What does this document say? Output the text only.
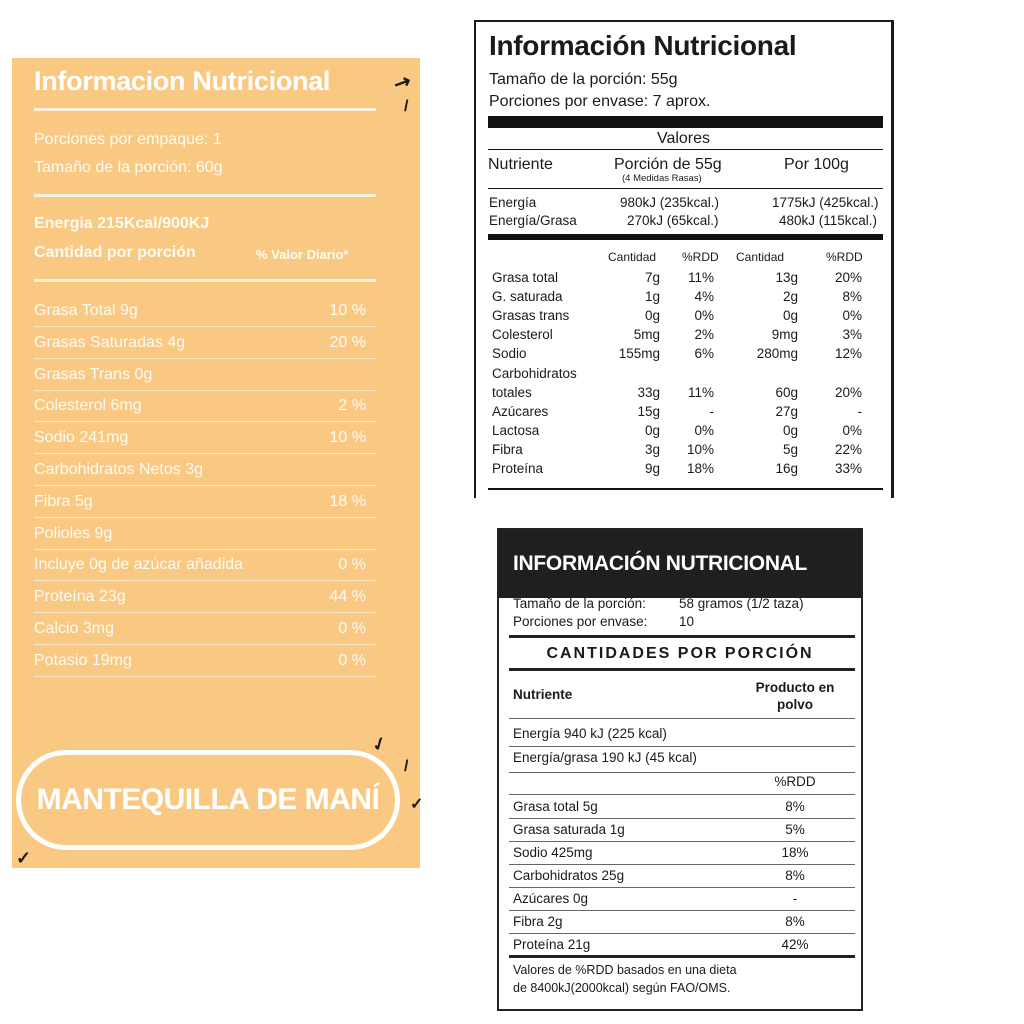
Informacion Nutricional
Porciones por empaque: 1
Tamaño de la porción: 60g
Energia 215Kcal/900KJ
Cantidad por porción	% Valor Diario*
Grasa Total 9g	10 %
Grasas Saturadas 4g	20 %
Grasas Trans 0g
Colesterol 6mg	2 %
Sodio 241mg	10 %
Carbohidratos Netos 3g
Fibra 5g	18 %
Polioles 9g
Incluye 0g de azúcar añadida	0 %
Proteína 23g	44 %
Calcio 3mg	0 %
Potasio 19mg	0 %
MANTEQUILLA DE MANÍ
↗
/
✓
/
✓
✓
Información Nutricional
Tamaño de la porción: 55g
Porciones por envase: 7 aprox.
Valores
Nutriente	Porción de 55g
(4 Medidas Rasas)
Por 100g
Energía	980kJ (235kcal.)	1775kJ (425kcal.)
Energía/Grasa	270kJ (65kcal.)	480kJ (115kcal.)
Cantidad %RDD Cantidad	%RDD
Grasa total	7g	11%	13g	20%
G. saturada	1g	4%	2g	8%
Grasas trans	0g	0%	0g	0%
Colesterol	5mg	2%	9mg	3%
Sodio	155mg	6%	280mg	12%
Carbohidratos
totales	33g	11%	60g	20%
Azúcares	15g	-	27g	-
Lactosa	0g	0%	0g	0%
Fibra	3g	10%	5g	22%
Proteína	9g	18%	16g	33%
INFORMACIÓN NUTRICIONAL
Tamaño de la porción: 58 gramos (1/2 taza)
Porciones por envase: 10
CANTIDADES POR PORCIÓN
Nutriente	Producto en
polvo
Energía 940 kJ (225 kcal)
Energía/grasa 190 kJ (45 kcal)
%RDD
Grasa total 5g	8%
Grasa saturada 1g	5%
Sodio 425mg	18%
Carbohidratos 25g	8%
Azúcares 0g	-
Fibra 2g	8%
Proteína 21g	42%
Valores de %RDD basados en una dieta
de 8400kJ(2000kcal) según FAO/OMS.
